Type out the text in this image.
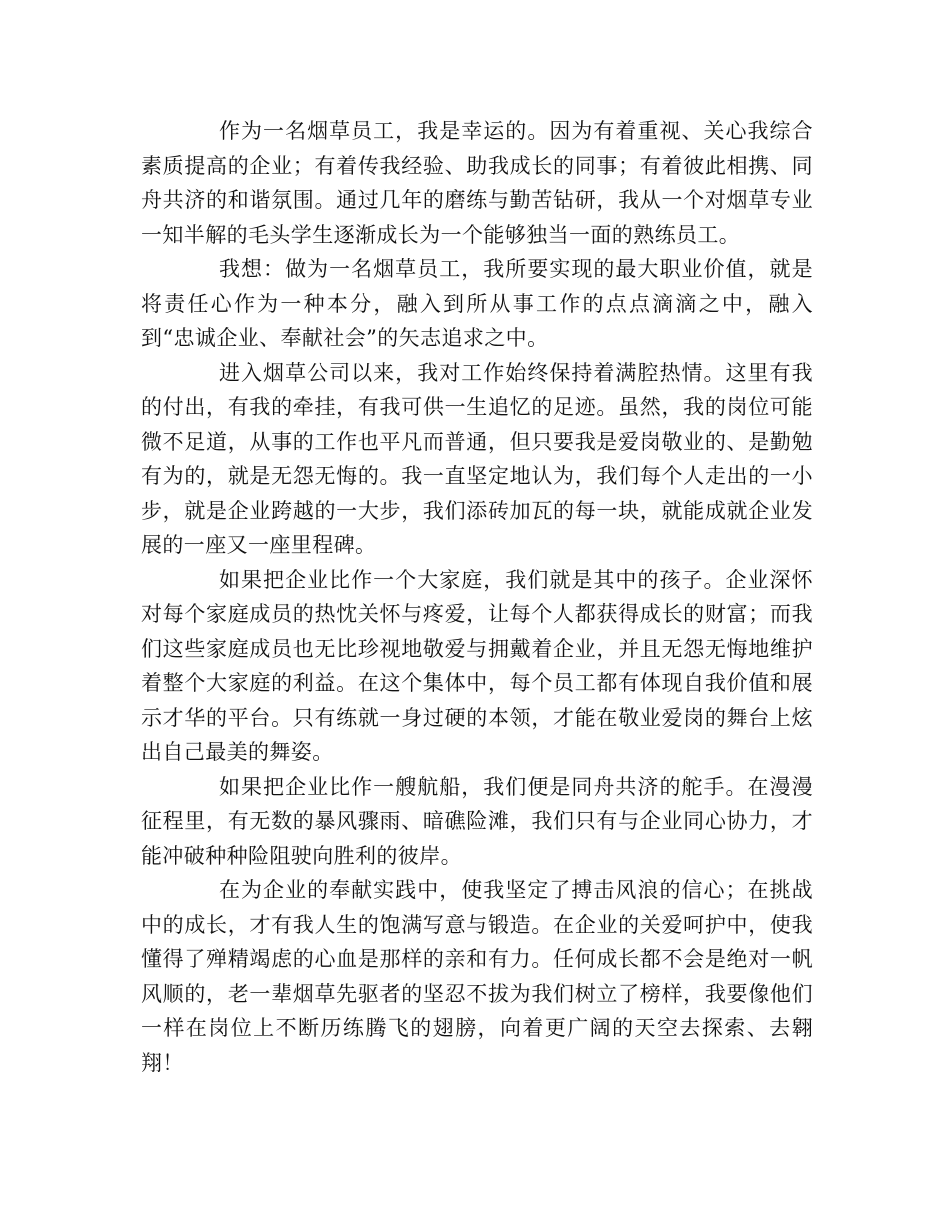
作为一名烟草员工，我是幸运的。因为有着重视、关心我综合素质提高的企业；有着传我经验、助我成长的同事；有着彼此相携、同舟共济的和谐氛围。通过几年的磨练与勤苦钻研，我从一个对烟草专业一知半解的毛头学生逐渐成长为一个能够独当一面的熟练员工。

我想：做为一名烟草员工，我所要实现的最大职业价值，就是将责任心作为一种本分，融入到所从事工作的点点滴滴之中，融入到“忠诚企业、奉献社会”的矢志追求之中。

进入烟草公司以来，我对工作始终保持着满腔热情。这里有我的付出，有我的牵挂，有我可供一生追忆的足迹。虽然，我的岗位可能微不足道，从事的工作也平凡而普通，但只要我是爱岗敬业的、是勤勉有为的，就是无怨无悔的。我一直坚定地认为，我们每个人走出的一小步，就是企业跨越的一大步，我们添砖加瓦的每一块，就能成就企业发展的一座又一座里程碑。

如果把企业比作一个大家庭，我们就是其中的孩子。企业深怀对每个家庭成员的热忱关怀与疼爱，让每个人都获得成长的财富；而我们这些家庭成员也无比珍视地敬爱与拥戴着企业，并且无怨无悔地维护着整个大家庭的利益。在这个集体中，每个员工都有体现自我价值和展示才华的平台。只有练就一身过硬的本领，才能在敬业爱岗的舞台上炫出自己最美的舞姿。

如果把企业比作一艘航船，我们便是同舟共济的舵手。在漫漫征程里，有无数的暴风骤雨、暗礁险滩，我们只有与企业同心协力，才能冲破种种险阻驶向胜利的彼岸。

在为企业的奉献实践中，使我坚定了搏击风浪的信心；在挑战中的成长，才有我人生的饱满写意与锻造。在企业的关爱呵护中，使我懂得了殚精竭虑的心血是那样的亲和有力。任何成长都不会是绝对一帆风顺的，老一辈烟草先驱者的坚忍不拔为我们树立了榜样，我要像他们一样在岗位上不断历练腾飞的翅膀，向着更广阔的天空去探索、去翱翔！
